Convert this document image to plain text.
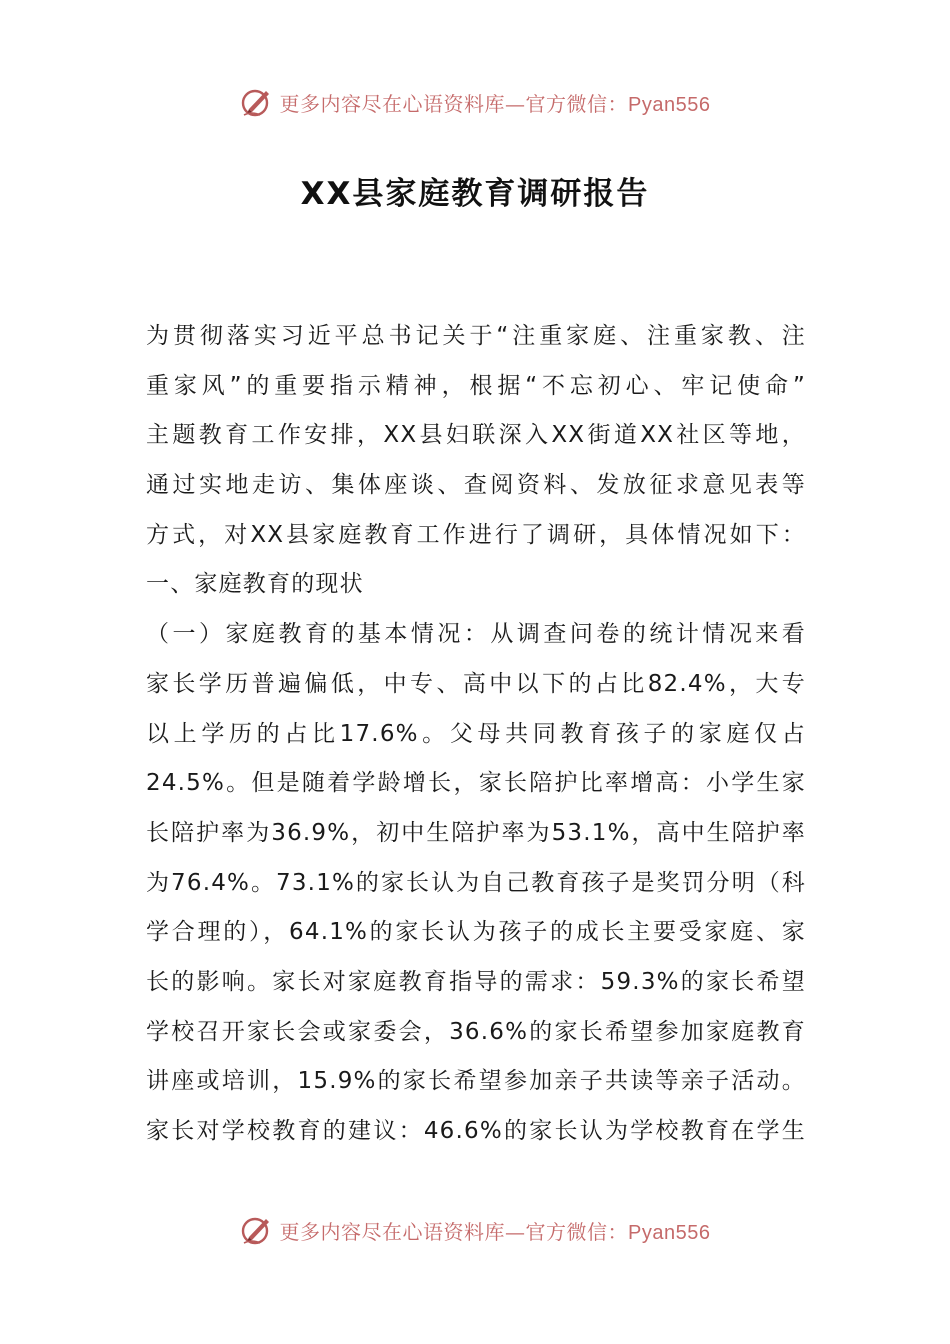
更多内容尽在心语资料库—官方微信：Pyan556
XX县家庭教育调研报告
为贯彻落实习近平总书记关于“注重家庭、注重家教、注
重家风”的重要指示精神，根据“不忘初心、牢记使命”
主题教育工作安排，XX县妇联深入XX街道XX社区等地，
通过实地走访、集体座谈、查阅资料、发放征求意见表等
方式，对XX县家庭教育工作进行了调研，具体情况如下：
一、家庭教育的现状
（一）家庭教育的基本情况：从调查问卷的统计情况来看
家长学历普遍偏低，中专、高中以下的占比82.4%，大专
以上学历的占比17.6%。父母共同教育孩子的家庭仅占
24.5%。但是随着学龄增长，家长陪护比率增高：小学生家
长陪护率为36.9%，初中生陪护率为53.1%，高中生陪护率
为76.4%。73.1%的家长认为自己教育孩子是奖罚分明（科
学合理的），64.1%的家长认为孩子的成长主要受家庭、家
长的影响。家长对家庭教育指导的需求：59.3%的家长希望
学校召开家长会或家委会，36.6%的家长希望参加家庭教育
讲座或培训，15.9%的家长希望参加亲子共读等亲子活动。
家长对学校教育的建议：46.6%的家长认为学校教育在学生
更多内容尽在心语资料库—官方微信：Pyan556
